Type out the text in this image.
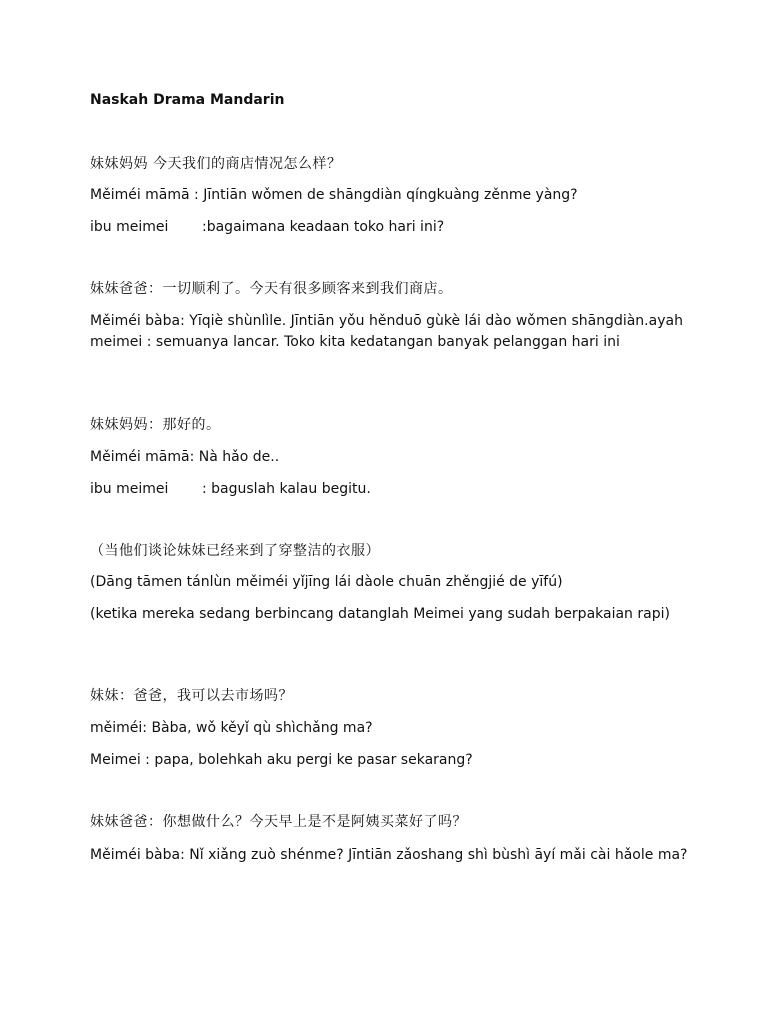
Naskah Drama Mandarin
妹妹妈妈 今天我们的商店情况怎么样？
Měiméi māmā : Jīntiān wǒmen de shāngdiàn qíngkuàng zěnme yàng?
ibu meimei :bagaimana keadaan toko hari ini?
妹妹爸爸：一切顺利了。今天有很多顾客来到我们商店。
Měiméi bàba: Yīqiè shùnlìle. Jīntiān yǒu hěnduō gùkè lái dào wǒmen shāngdiàn.ayah meimei : semuanya lancar. Toko kita kedatangan banyak pelanggan hari ini
妹妹妈妈：那好的。
Měiméi māmā: Nà hǎo de..
ibu meimei : baguslah kalau begitu.
（当他们谈论妹妹已经来到了穿整洁的衣服）
(Dāng tāmen tánlùn měiméi yǐjīng lái dàole chuān zhěngjié de yīfú)
(ketika mereka sedang berbincang datanglah Meimei yang sudah berpakaian rapi)
妹妹：爸爸，我可以去市场吗？
měiméi: Bàba, wǒ kěyǐ qù shìchǎng ma?
Meimei : papa, bolehkah aku pergi ke pasar sekarang?
妹妹爸爸：你想做什么？今天早上是不是阿姨买菜好了吗？
Měiméi bàba: Nǐ xiǎng zuò shénme? Jīntiān zǎoshang shì bùshì āyí mǎi cài hǎole ma?
